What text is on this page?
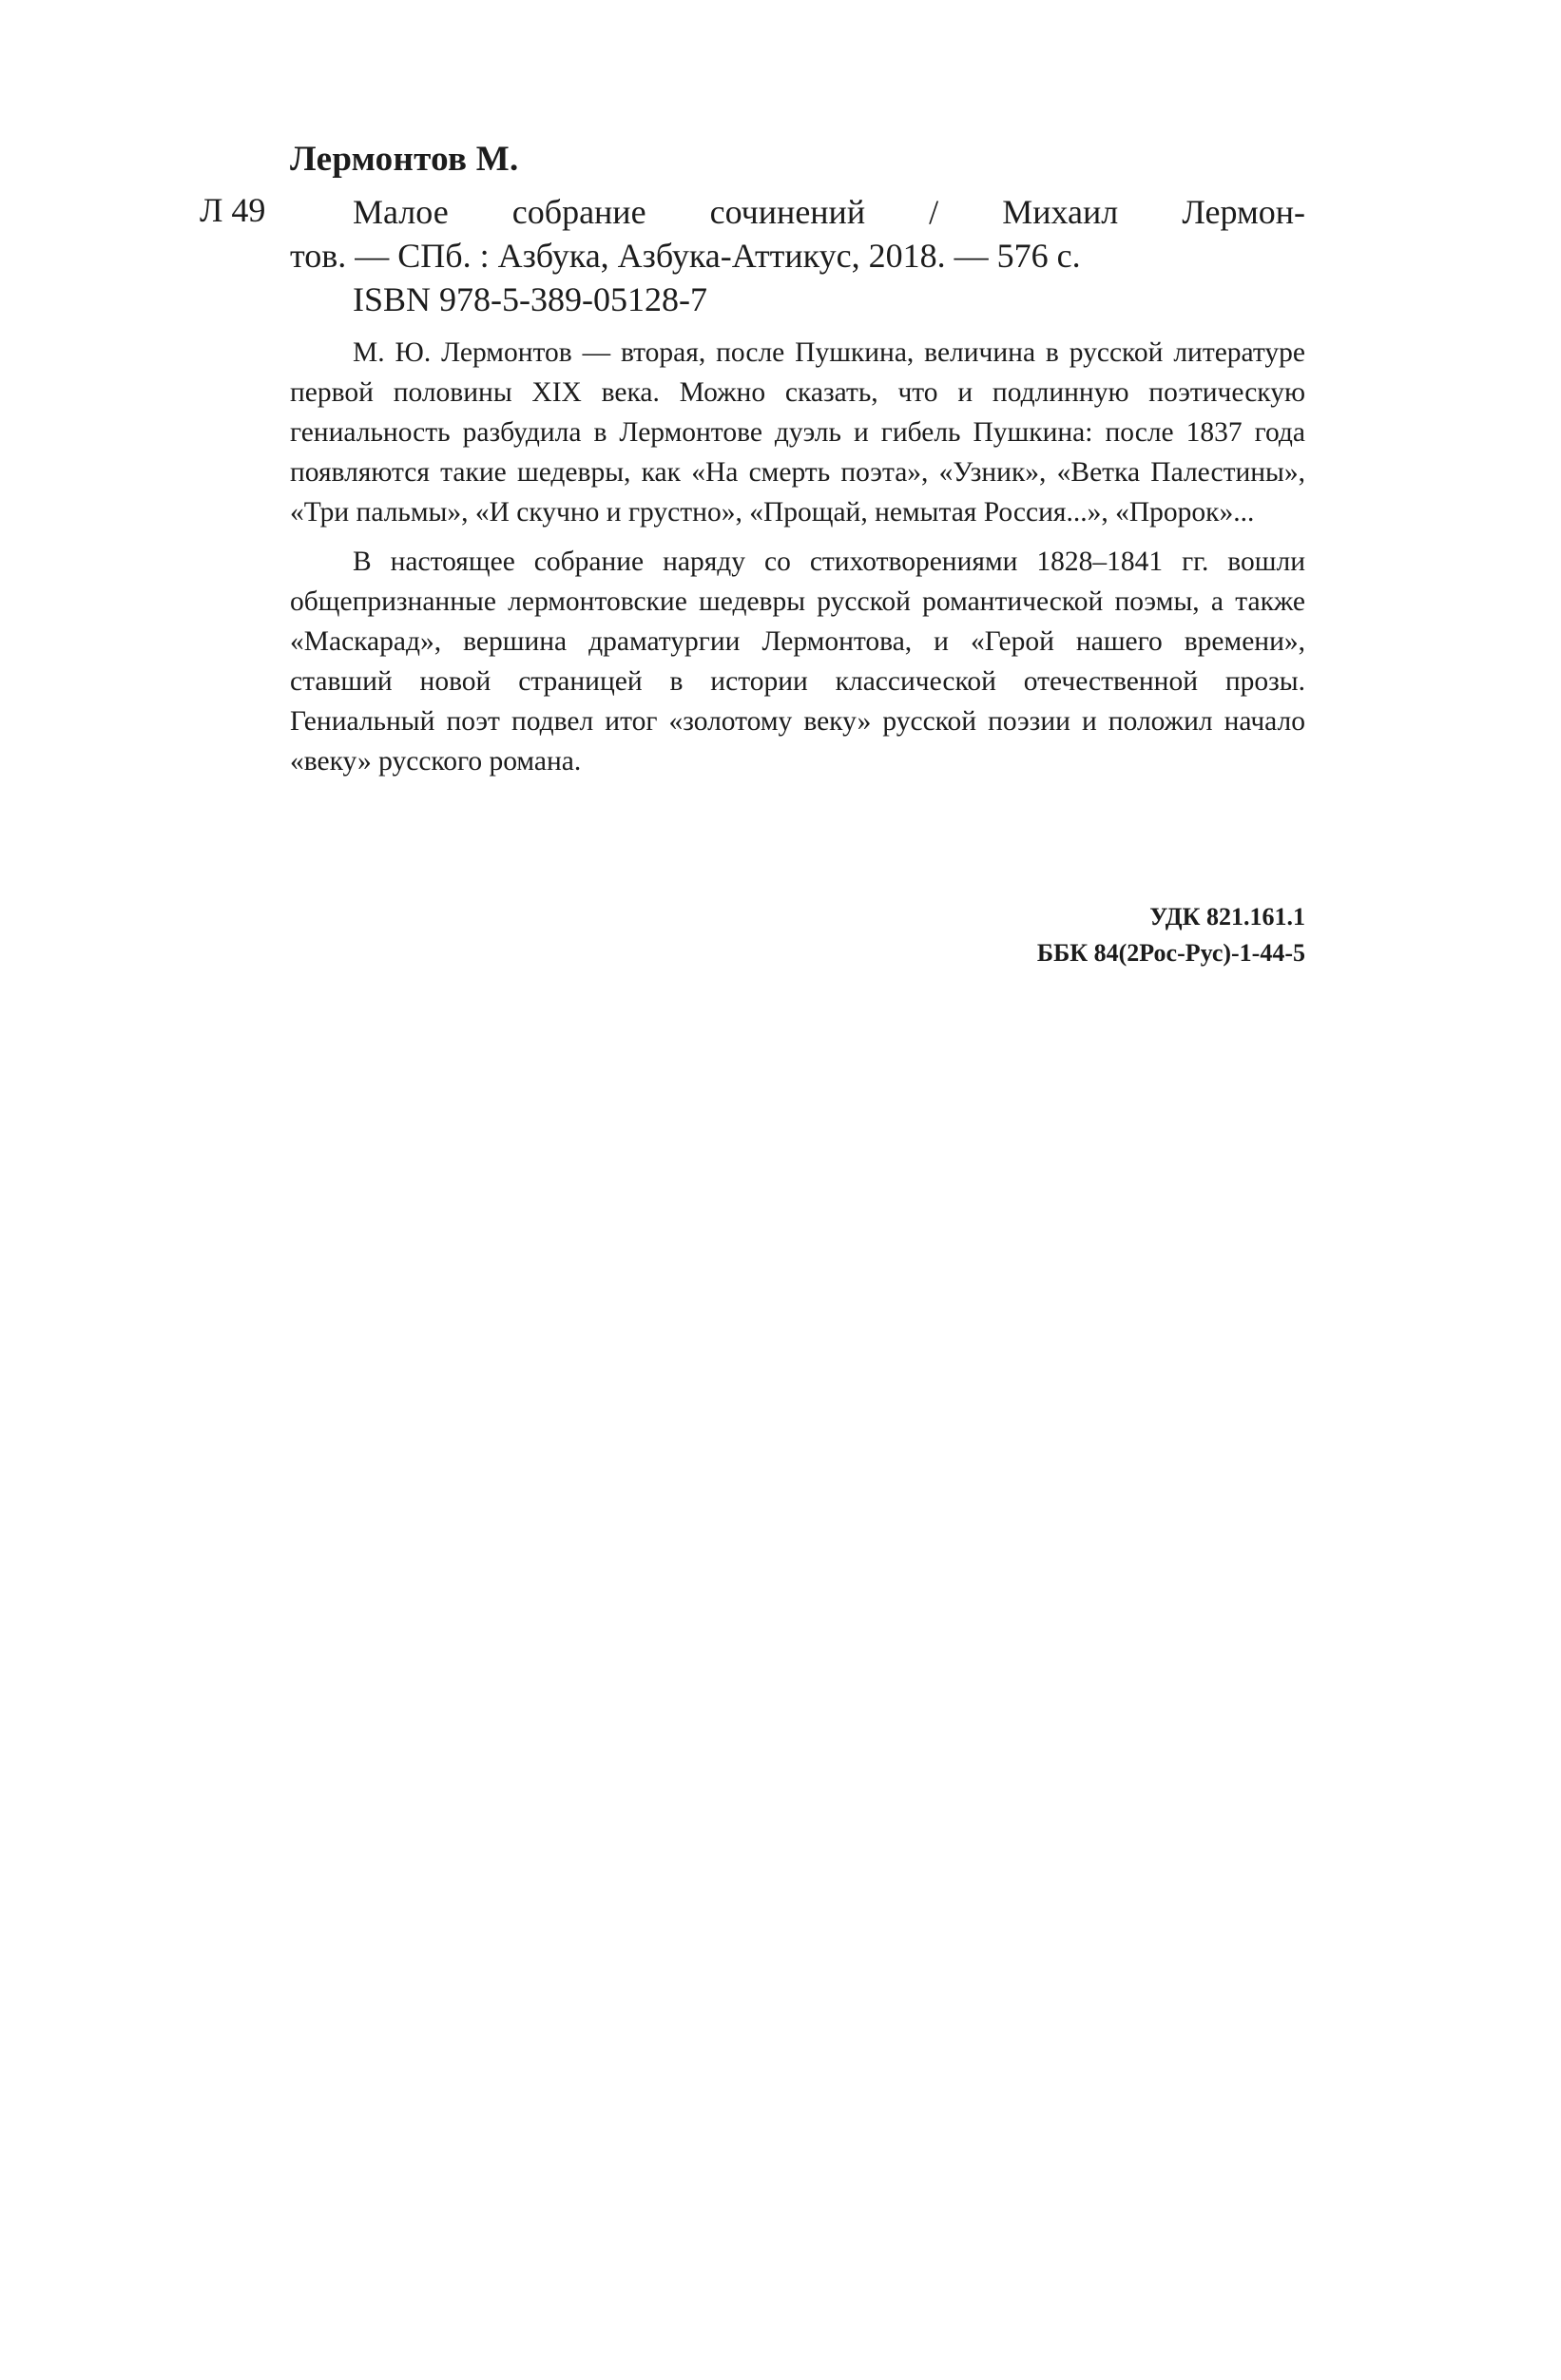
Лермонтов М.
Л 49	Малое собрание сочинений / Михаил Лермон-
тов. — СПб. : Азбука, Азбука-Аттикус, 2018. — 576 с.
ISBN 978-5-389-05128-7

М. Ю. Лермонтов — вторая, после Пушкина, величина в русской литературе первой половины XIX века. Можно сказать, что и подлинную поэтическую гениальность разбудила в Лермонтове дуэль и гибель Пушкина: после 1837 года появляются такие шедевры, как «На смерть поэта», «Узник», «Ветка Палестины», «Три пальмы», «И скучно и грустно», «Прощай, немытая Россия...», «Пророк»...

В настоящее собрание наряду со стихотворениями 1828–1841 гг. вошли общепризнанные лермонтовские шедевры русской романтической поэмы, а также «Маскарад», вершина драматургии Лермонтова, и «Герой нашего времени», ставший новой страницей в истории классической отечественной прозы. Гениальный поэт подвел итог «золотому веку» русской поэзии и положил начало «веку» русского романа.

УДК 821.161.1
ББК 84(2Рос-Рус)-1-44-5
